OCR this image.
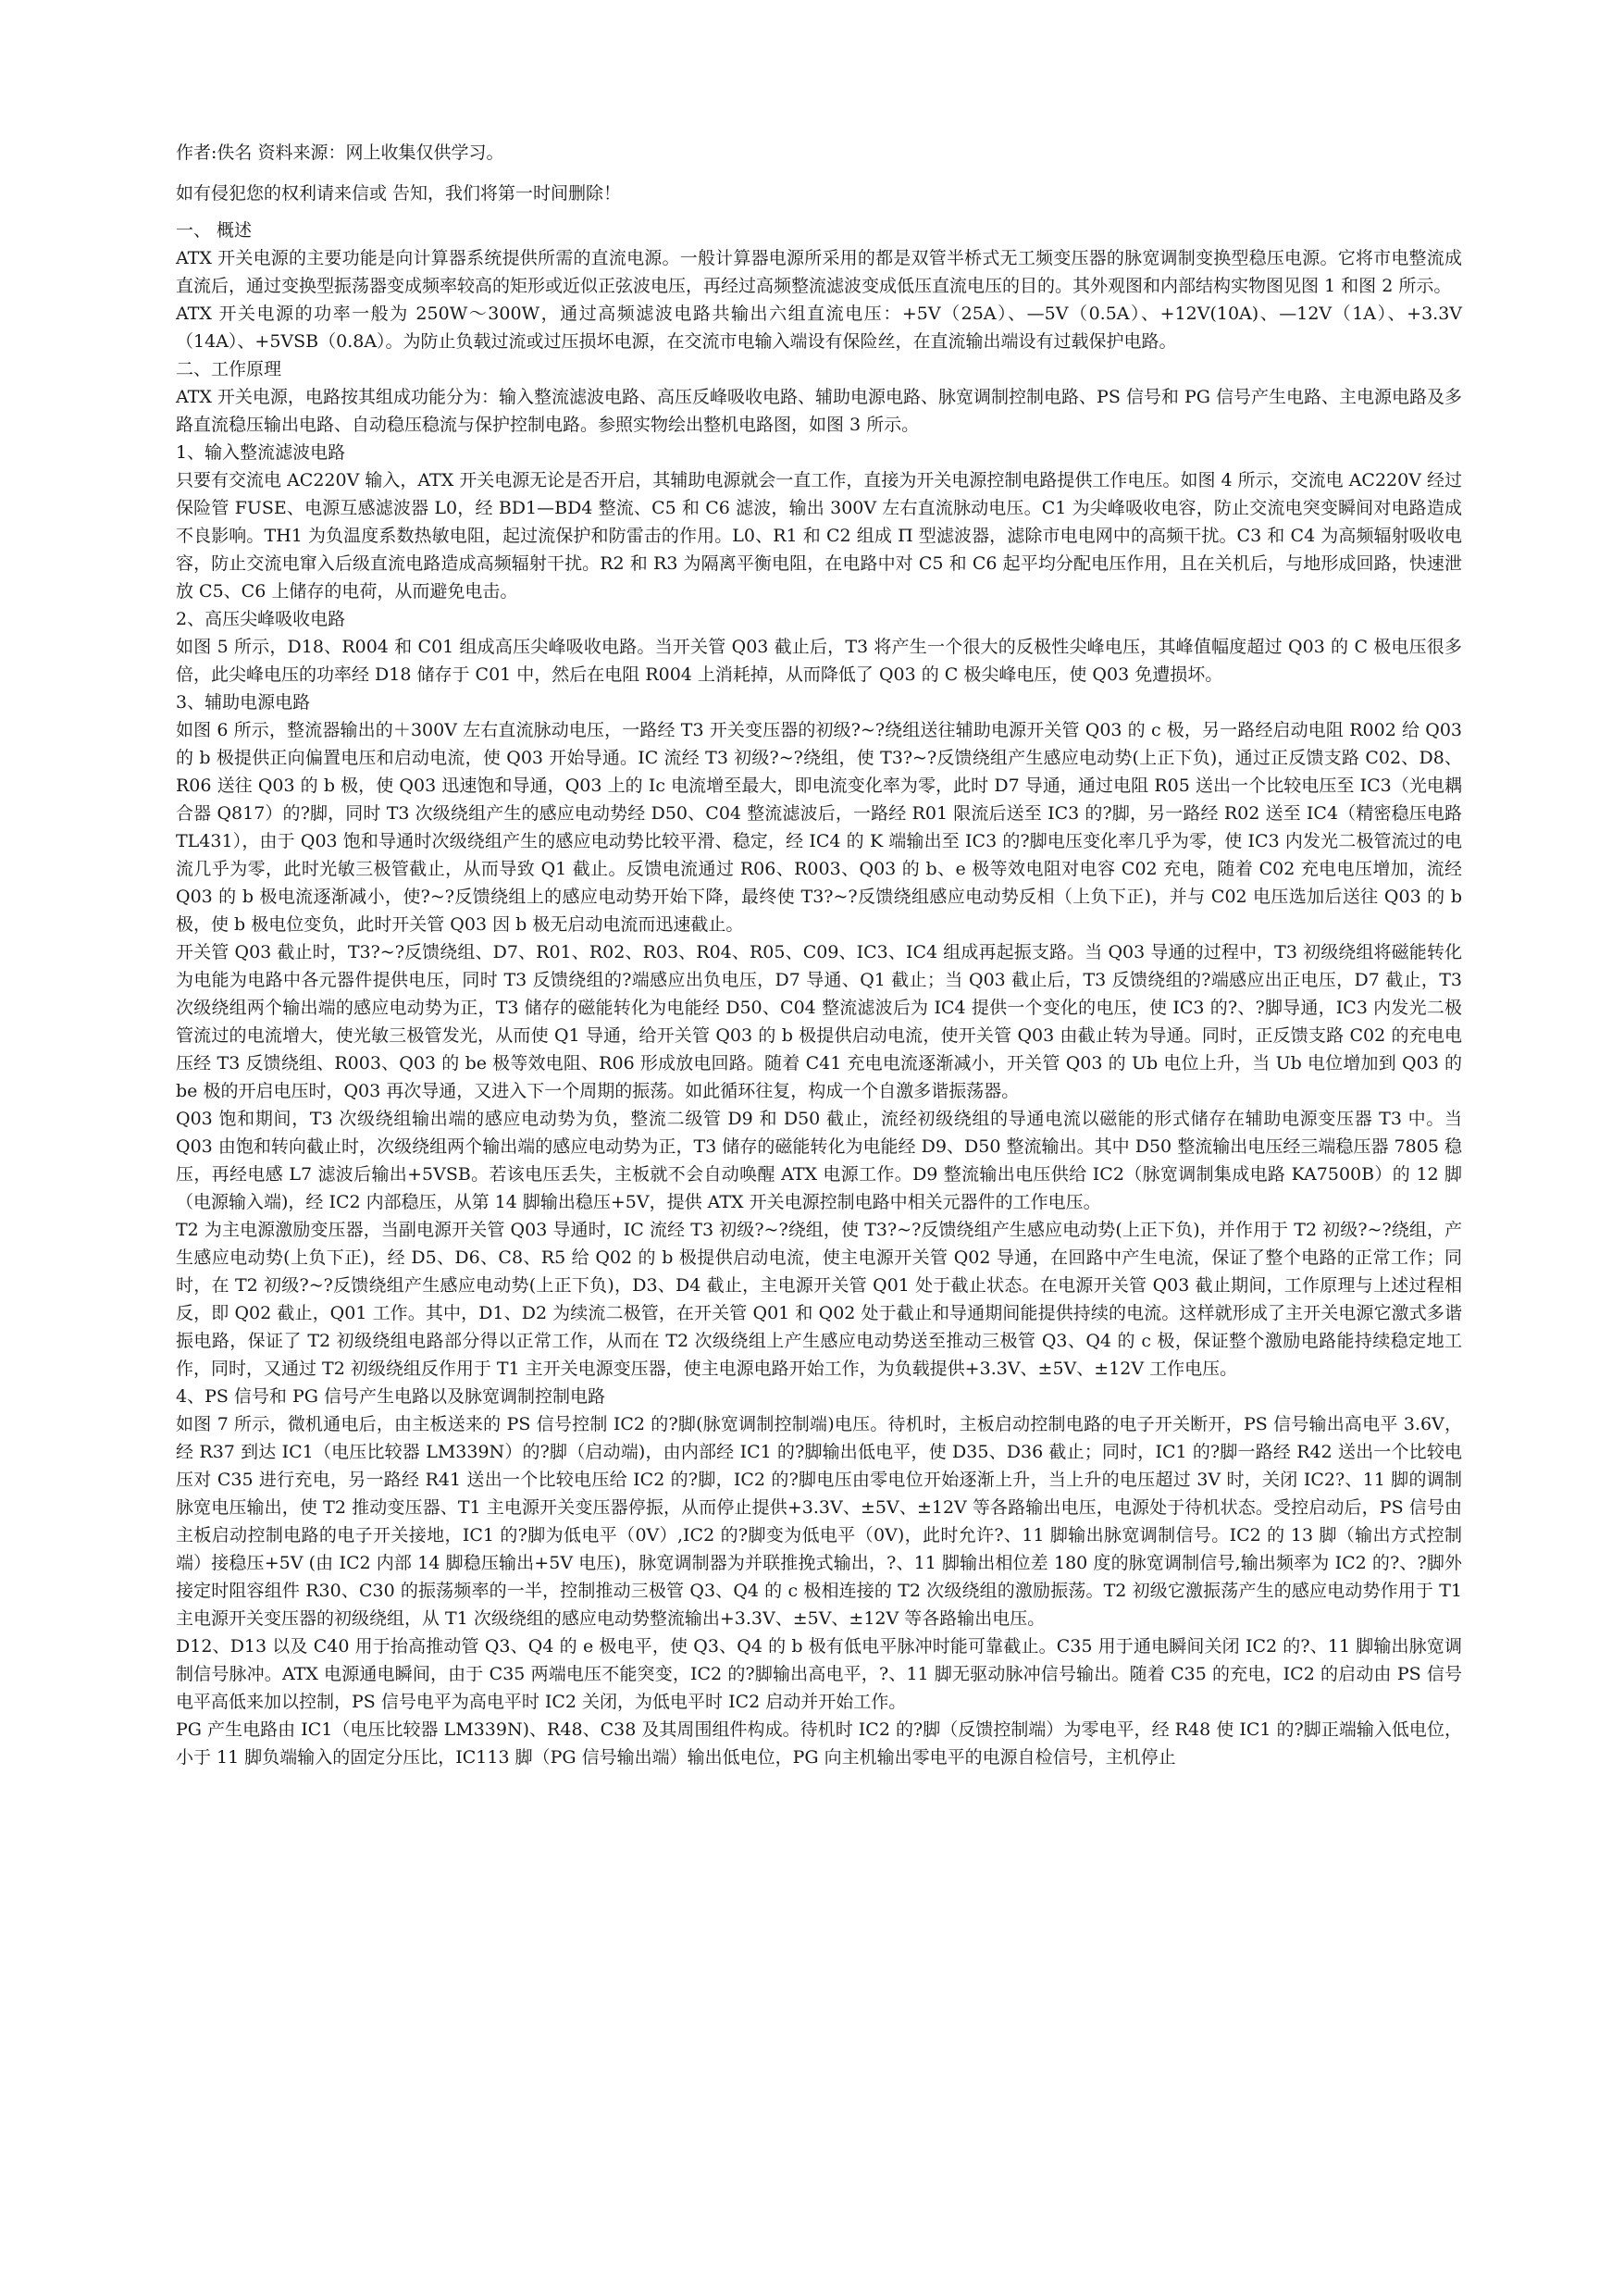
作者:佚名 资料来源：网上收集仅供学习。

如有侵犯您的权利请来信或 告知，我们将第一时间删除！

一、 概述

ATX 开关电源的主要功能是向计算器系统提供所需的直流电源。一般计算器电源所采用的都是双管半桥式无工频变压器的脉宽调制变换型稳压电源。它将市电整流成直流后，通过变换型振荡器变成频率较高的矩形或近似正弦波电压，再经过高频整流滤波变成低压直流电压的目的。其外观图和内部结构实物图见图 1 和图 2 所示。

ATX 开关电源的功率一般为 250W～300W，通过高频滤波电路共输出六组直流电压：+5V（25A）、—5V（0.5A）、+12V(10A)、—12V（1A）、+3.3V（14A）、+5VSB（0.8A）。为防止负载过流或过压损坏电源，在交流市电输入端设有保险丝，在直流输出端设有过载保护电路。

二、工作原理

ATX 开关电源，电路按其组成功能分为：输入整流滤波电路、高压反峰吸收电路、辅助电源电路、脉宽调制控制电路、PS 信号和 PG 信号产生电路、主电源电路及多路直流稳压输出电路、自动稳压稳流与保护控制电路。参照实物绘出整机电路图，如图 3 所示。

1、输入整流滤波电路

只要有交流电 AC220V 输入，ATX 开关电源无论是否开启，其辅助电源就会一直工作，直接为开关电源控制电路提供工作电压。如图 4 所示，交流电 AC220V 经过保险管 FUSE、电源互感滤波器 L0，经 BD1—BD4 整流、C5 和 C6 滤波，输出 300V 左右直流脉动电压。C1 为尖峰吸收电容，防止交流电突变瞬间对电路造成不良影响。TH1 为负温度系数热敏电阻，起过流保护和防雷击的作用。L0、R1 和 C2 组成 Π 型滤波器，滤除市电电网中的高频干扰。C3 和 C4 为高频辐射吸收电容，防止交流电窜入后级直流电路造成高频辐射干扰。R2 和 R3 为隔离平衡电阻，在电路中对 C5 和 C6 起平均分配电压作用，且在关机后，与地形成回路，快速泄放 C5、C6 上储存的电荷，从而避免电击。

2、高压尖峰吸收电路

如图 5 所示，D18、R004 和 C01 组成高压尖峰吸收电路。当开关管 Q03 截止后，T3 将产生一个很大的反极性尖峰电压，其峰值幅度超过 Q03 的 C 极电压很多倍，此尖峰电压的功率经 D18 储存于 C01 中，然后在电阻 R004 上消耗掉，从而降低了 Q03 的 C 极尖峰电压，使 Q03 免遭损坏。

3、辅助电源电路

如图 6 所示，整流器输出的＋300V 左右直流脉动电压，一路经 T3 开关变压器的初级?~?绕组送往辅助电源开关管 Q03 的 c 极，另一路经启动电阻 R002 给 Q03 的 b 极提供正向偏置电压和启动电流，使 Q03 开始导通。IC 流经 T3 初级?~?绕组，使 T3?~?反馈绕组产生感应电动势(上正下负)，通过正反馈支路 C02、D8、R06 送往 Q03 的 b 极，使 Q03 迅速饱和导通，Q03 上的 Ic 电流增至最大，即电流变化率为零，此时 D7 导通，通过电阻 R05 送出一个比较电压至 IC3（光电耦合器 Q817）的?脚，同时 T3 次级绕组产生的感应电动势经 D50、C04 整流滤波后，一路经 R01 限流后送至 IC3 的?脚，另一路经 R02 送至 IC4（精密稳压电路 TL431），由于 Q03 饱和导通时次级绕组产生的感应电动势比较平滑、稳定，经 IC4 的 K 端输出至 IC3 的?脚电压变化率几乎为零，使 IC3 内发光二极管流过的电流几乎为零，此时光敏三极管截止，从而导致 Q1 截止。反馈电流通过 R06、R003、Q03 的 b、e 极等效电阻对电容 C02 充电，随着 C02 充电电压增加，流经 Q03 的 b 极电流逐渐减小，使?~?反馈绕组上的感应电动势开始下降，最终使 T3?~?反馈绕组感应电动势反相（上负下正)，并与 C02 电压选加后送往 Q03 的 b 极，使 b 极电位变负，此时开关管 Q03 因 b 极无启动电流而迅速截止。

开关管 Q03 截止时，T3?~?反馈绕组、D7、R01、R02、R03、R04、R05、C09、IC3、IC4 组成再起振支路。当 Q03 导通的过程中，T3 初级绕组将磁能转化为电能为电路中各元器件提供电压，同时 T3 反馈绕组的?端感应出负电压，D7 导通、Q1 截止；当 Q03 截止后，T3 反馈绕组的?端感应出正电压，D7 截止，T3 次级绕组两个输出端的感应电动势为正，T3 储存的磁能转化为电能经 D50、C04 整流滤波后为 IC4 提供一个变化的电压，使 IC3 的?、?脚导通，IC3 内发光二极管流过的电流增大，使光敏三极管发光，从而使 Q1 导通，给开关管 Q03 的 b 极提供启动电流，使开关管 Q03 由截止转为导通。同时，正反馈支路 C02 的充电电压经 T3 反馈绕组、R003、Q03 的 be 极等效电阻、R06 形成放电回路。随着 C41 充电电流逐渐减小，开关管 Q03 的 Ub 电位上升，当 Ub 电位增加到 Q03 的 be 极的开启电压时，Q03 再次导通，又进入下一个周期的振荡。如此循环往复，构成一个自激多谐振荡器。

Q03 饱和期间，T3 次级绕组输出端的感应电动势为负，整流二级管 D9 和 D50 截止，流经初级绕组的导通电流以磁能的形式储存在辅助电源变压器 T3 中。当 Q03 由饱和转向截止时，次级绕组两个输出端的感应电动势为正，T3 储存的磁能转化为电能经 D9、D50 整流输出。其中 D50 整流输出电压经三端稳压器 7805 稳压，再经电感 L7 滤波后输出+5VSB。若该电压丢失，主板就不会自动唤醒 ATX 电源工作。D9 整流输出电压供给 IC2（脉宽调制集成电路 KA7500B）的 12 脚（电源输入端)，经 IC2 内部稳压，从第 14 脚输出稳压+5V，提供 ATX 开关电源控制电路中相关元器件的工作电压。

T2 为主电源激励变压器，当副电源开关管 Q03 导通时，IC 流经 T3 初级?~?绕组，使 T3?~?反馈绕组产生感应电动势(上正下负)，并作用于 T2 初级?~?绕组，产生感应电动势(上负下正)，经 D5、D6、C8、R5 给 Q02 的 b 极提供启动电流，使主电源开关管 Q02 导通，在回路中产生电流，保证了整个电路的正常工作；同时，在 T2 初级?~?反馈绕组产生感应电动势(上正下负)，D3、D4 截止，主电源开关管 Q01 处于截止状态。在电源开关管 Q03 截止期间，工作原理与上述过程相反，即 Q02 截止，Q01 工作。其中，D1、D2 为续流二极管，在开关管 Q01 和 Q02 处于截止和导通期间能提供持续的电流。这样就形成了主开关电源它激式多谐振电路，保证了 T2 初级绕组电路部分得以正常工作，从而在 T2 次级绕组上产生感应电动势送至推动三极管 Q3、Q4 的 c 极，保证整个激励电路能持续稳定地工作，同时，又通过 T2 初级绕组反作用于 T1 主开关电源变压器，使主电源电路开始工作，为负载提供+3.3V、±5V、±12V 工作电压。

4、PS 信号和 PG 信号产生电路以及脉宽调制控制电路

如图 7 所示，微机通电后，由主板送来的 PS 信号控制 IC2 的?脚(脉宽调制控制端)电压。待机时，主板启动控制电路的电子开关断开，PS 信号输出高电平 3.6V，经 R37 到达 IC1（电压比较器 LM339N）的?脚（启动端)，由内部经 IC1 的?脚输出低电平，使 D35、D36 截止；同时，IC1 的?脚一路经 R42 送出一个比较电压对 C35 进行充电，另一路经 R41 送出一个比较电压给 IC2 的?脚，IC2 的?脚电压由零电位开始逐渐上升，当上升的电压超过 3V 时，关闭 IC2?、11 脚的调制脉宽电压输出，使 T2 推动变压器、T1 主电源开关变压器停振，从而停止提供+3.3V、±5V、±12V 等各路输出电压，电源处于待机状态。受控启动后，PS 信号由主板启动控制电路的电子开关接地，IC1 的?脚为低电平（0V）,IC2 的?脚变为低电平（0V)，此时允许?、11 脚输出脉宽调制信号。IC2 的 13 脚（输出方式控制端）接稳压+5V (由 IC2 内部 14 脚稳压输出+5V 电压)，脉宽调制器为并联推挽式输出，?、11 脚输出相位差 180 度的脉宽调制信号,输出频率为 IC2 的?、?脚外接定时阻容组件 R30、C30 的振荡频率的一半，控制推动三极管 Q3、Q4 的 c 极相连接的 T2 次级绕组的激励振荡。T2 初级它激振荡产生的感应电动势作用于 T1 主电源开关变压器的初级绕组，从 T1 次级绕组的感应电动势整流输出+3.3V、±5V、±12V 等各路输出电压。

D12、D13 以及 C40 用于抬高推动管 Q3、Q4 的 e 极电平，使 Q3、Q4 的 b 极有低电平脉冲时能可靠截止。C35 用于通电瞬间关闭 IC2 的?、11 脚输出脉宽调制信号脉冲。ATX 电源通电瞬间，由于 C35 两端电压不能突变，IC2 的?脚输出高电平，?、11 脚无驱动脉冲信号输出。随着 C35 的充电，IC2 的启动由 PS 信号电平高低来加以控制，PS 信号电平为高电平时 IC2 关闭，为低电平时 IC2 启动并开始工作。

PG 产生电路由 IC1（电压比较器 LM339N)、R48、C38 及其周围组件构成。待机时 IC2 的?脚（反馈控制端）为零电平，经 R48 使 IC1 的?脚正端输入低电位，小于 11 脚负端输入的固定分压比，IC113 脚（PG 信号输出端）输出低电位，PG 向主机输出零电平的电源自检信号，主机停止
